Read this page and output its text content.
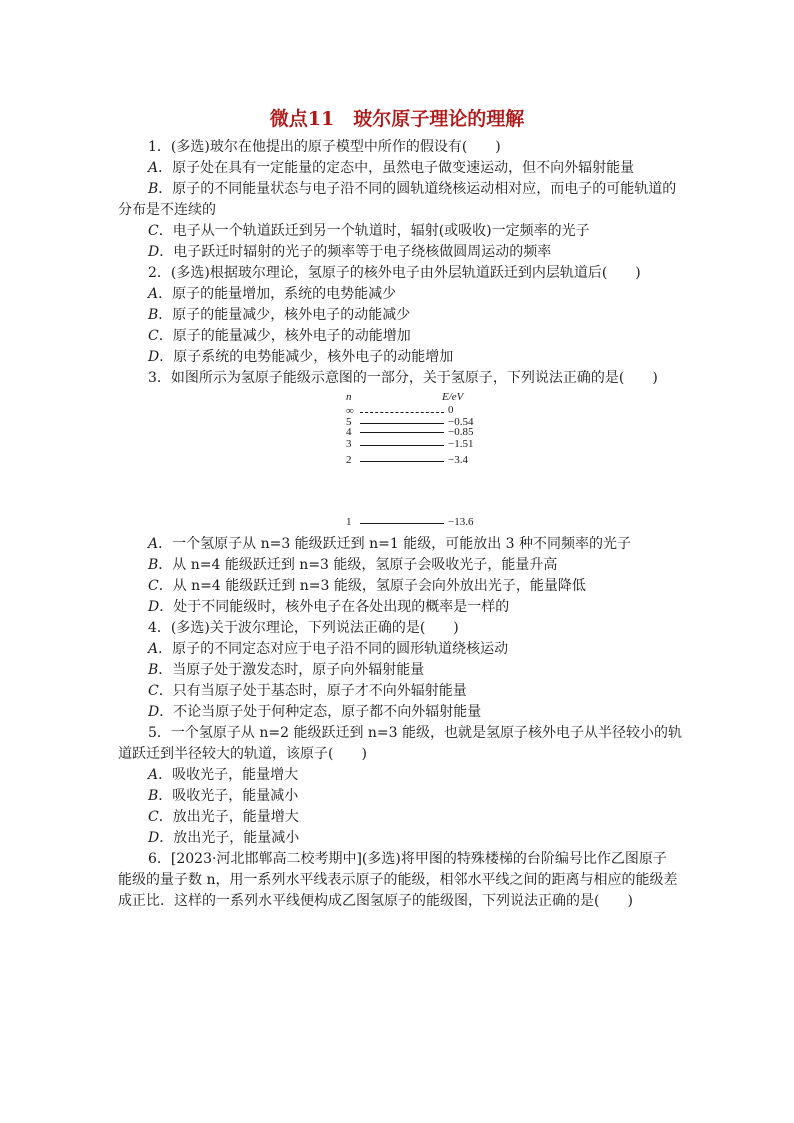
微点11　玻尔原子理论的理解
1．(多选)玻尔在他提出的原子模型中所作的假设有(　　)
A．原子处在具有一定能量的定态中，虽然电子做变速运动，但不向外辐射能量
B．原子的不同能量状态与电子沿不同的圆轨道绕核运动相对应，而电子的可能轨道的
分布是不连续的
C．电子从一个轨道跃迁到另一个轨道时，辐射(或吸收)一定频率的光子
D．电子跃迁时辐射的光子的频率等于电子绕核做圆周运动的频率
2．(多选)根据玻尔理论，氢原子的核外电子由外层轨道跃迁到内层轨道后(　　)
A．原子的能量增加，系统的电势能减少
B．原子的能量减少，核外电子的动能减少
C．原子的能量减少，核外电子的动能增加
D．原子系统的电势能减少，核外电子的动能增加
3．如图所示为氢原子能级示意图的一部分，关于氢原子，下列说法正确的是(　　)
n	E/eV
∞	0
5	−0.54
4	−0.85
3	−1.51
2	−3.4
1	−13.6
A．一个氢原子从 n=3 能级跃迁到 n=1 能级，可能放出 3 种不同频率的光子
B．从 n=4 能级跃迁到 n=3 能级，氢原子会吸收光子，能量升高
C．从 n=4 能级跃迁到 n=3 能级，氢原子会向外放出光子，能量降低
D．处于不同能级时，核外电子在各处出现的概率是一样的
4．(多选)关于波尔理论，下列说法正确的是(　　)
A．原子的不同定态对应于电子沿不同的圆形轨道绕核运动
B．当原子处于激发态时，原子向外辐射能量
C．只有当原子处于基态时，原子才不向外辐射能量
D．不论当原子处于何种定态，原子都不向外辐射能量
5．一个氢原子从 n=2 能级跃迁到 n=3 能级，也就是氢原子核外电子从半径较小的轨
道跃迁到半径较大的轨道，该原子(　　)
A．吸收光子，能量增大
B．吸收光子，能量减小
C．放出光子，能量增大
D．放出光子，能量减小
6．[2023·河北邯郸高二校考期中](多选)将甲图的特殊楼梯的台阶编号比作乙图原子
能级的量子数 n，用一系列水平线表示原子的能级，相邻水平线之间的距离与相应的能级差
成正比．这样的一系列水平线便构成乙图氢原子的能级图，下列说法正确的是(　　)
